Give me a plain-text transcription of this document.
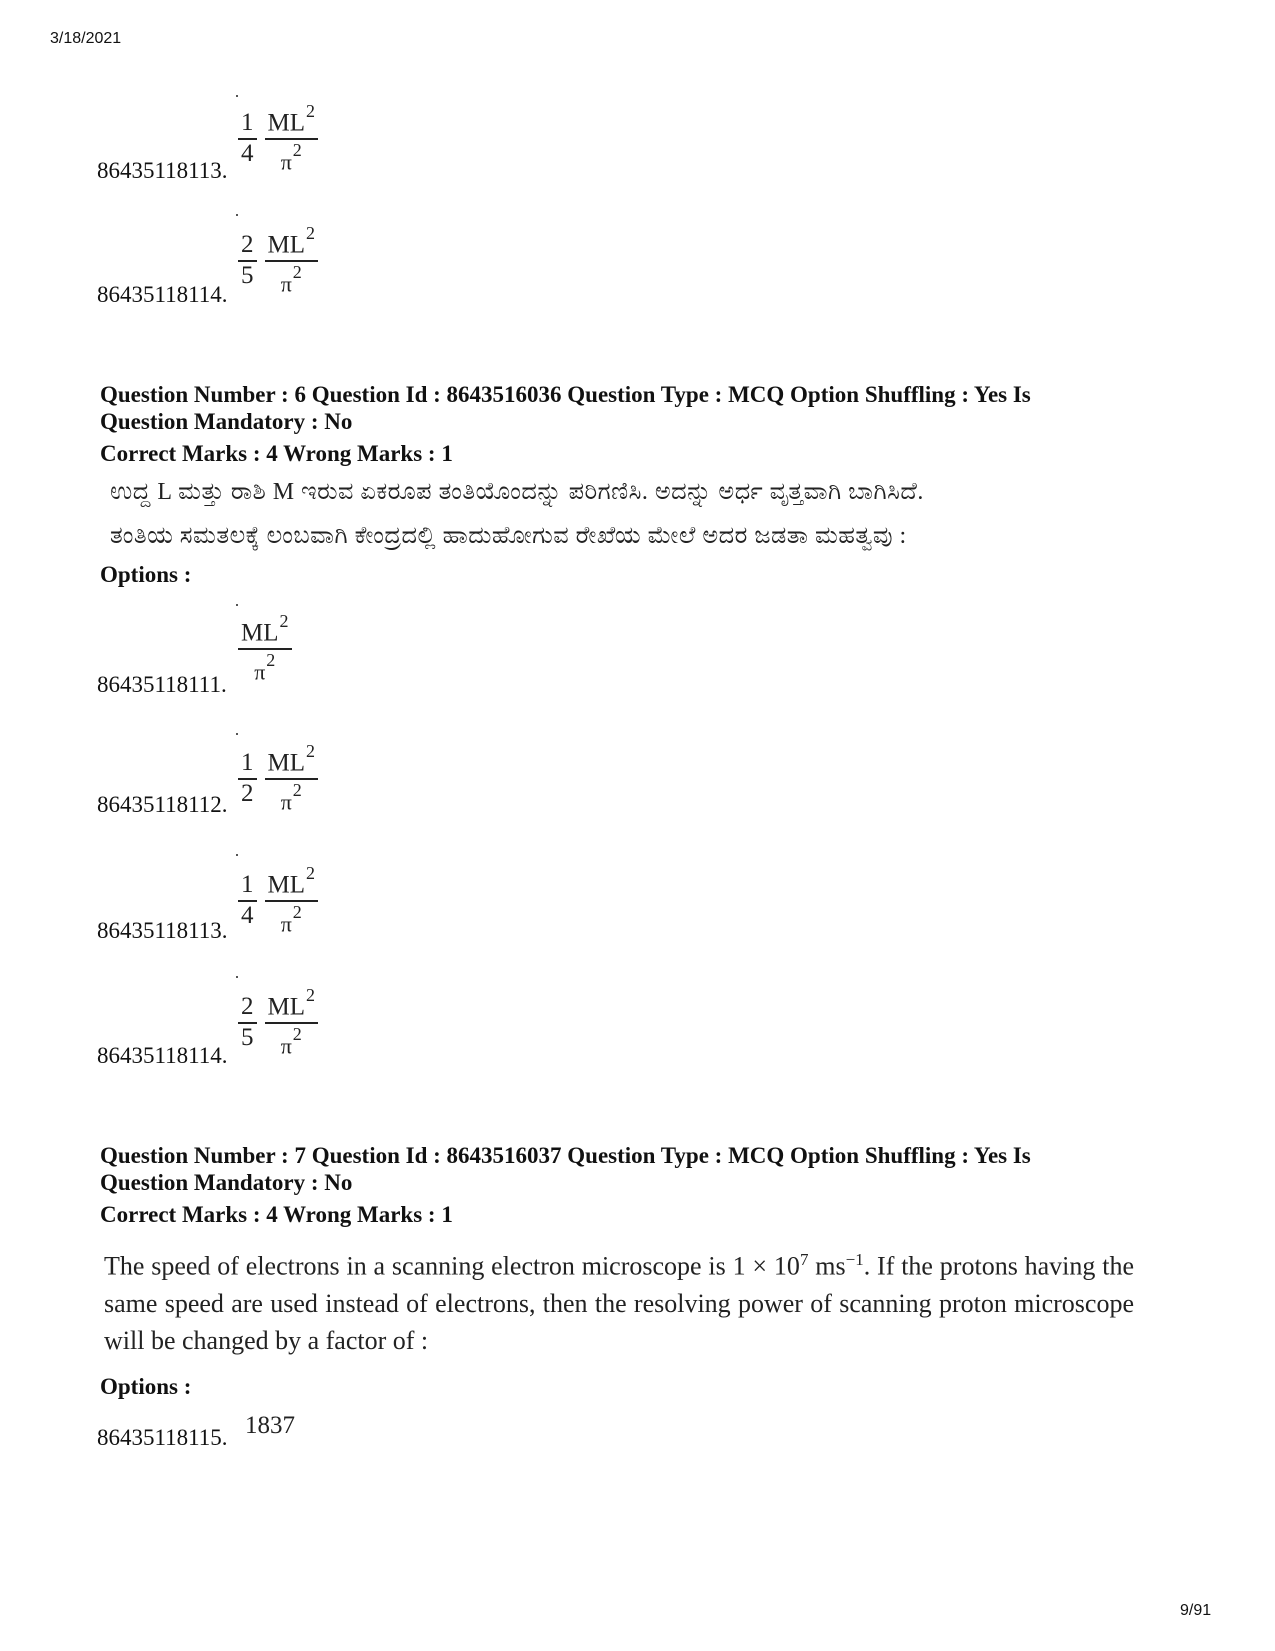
3/18/2021
$\frac{1}{4} \frac{ML^2}{\pi^2}$
86435118113.
$\frac{2}{5} \frac{ML^2}{\pi^2}$
86435118114.
Question Number : 6 Question Id : 8643516036 Question Type : MCQ Option Shuffling : Yes Is
Question Mandatory : No
Correct Marks : 4 Wrong Marks : 1
ಉದ್ದ L ಮತ್ತು ರಾಶಿ M ಇರುವ ಏಕರೂಪ ತಂತಿಯೊಂದನ್ನು ಪರಿಗಣಿಸಿ. ಅದನ್ನು ಅರ್ಧ ವೃತ್ತವಾಗಿ ಬಾಗಿಸಿದೆ.
ತಂತಿಯ ಸಮತಲಕ್ಕೆ ಲಂಬವಾಗಿ ಕೇಂದ್ರದಲ್ಲಿ ಹಾದುಹೋಗುವ ರೇಖೆಯ ಮೇಲೆ ಅದರ ಜಡತಾ ಮಹತ್ವವು :
Options :
$\frac{ML^2}{\pi^2}$
86435118111.
$\frac{1}{2} \frac{ML^2}{\pi^2}$
86435118112.
$\frac{1}{4} \frac{ML^2}{\pi^2}$
86435118113.
$\frac{2}{5} \frac{ML^2}{\pi^2}$
86435118114.
Question Number : 7 Question Id : 8643516037 Question Type : MCQ Option Shuffling : Yes Is
Question Mandatory : No
Correct Marks : 4 Wrong Marks : 1
The speed of electrons in a scanning electron microscope is $1 \times 10^7$ $ms^{-1}$. If the protons having the same speed are used instead of electrons, then the resolving power of scanning proton microscope will be changed by a factor of :
Options :
1837
86435118115.
9/91
